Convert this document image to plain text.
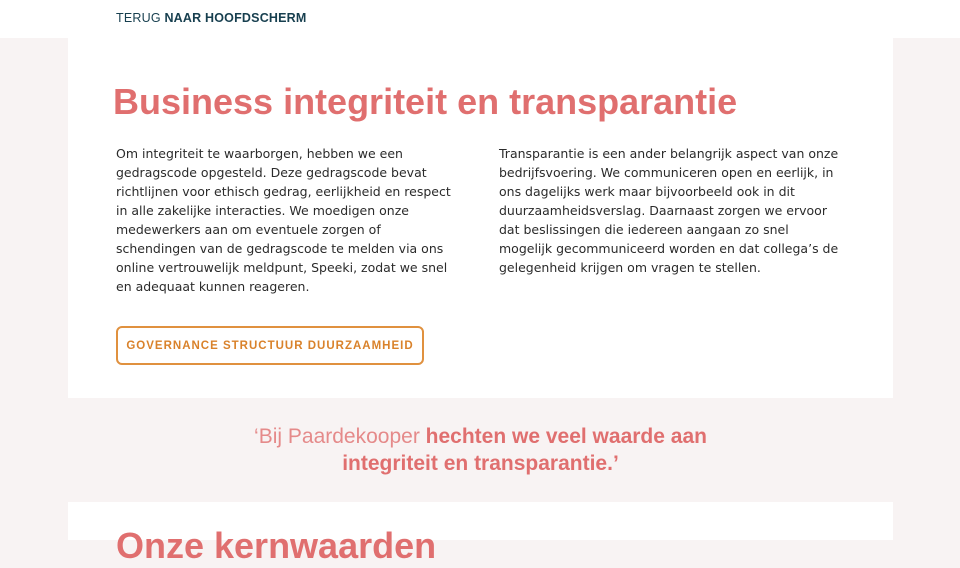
TERUG NAAR HOOFDSCHERM
Business integriteit en transparantie

Om integriteit te waarborgen, hebben we een gedragscode opgesteld. Deze gedragscode bevat richtlijnen voor ethisch gedrag, eerlijkheid en respect in alle zakelijke interacties. We moedigen onze medewerkers aan om eventuele zorgen of schendingen van de gedragscode te melden via ons online vertrouwelijk meldpunt, Speeki, zodat we snel en adequaat kunnen reageren.

Transparantie is een ander belangrijk aspect van onze bedrijfsvoering. We communiceren open en eerlijk, in ons dagelijks werk maar bijvoorbeeld ook in dit duurzaamheidsverslag. Daarnaast zorgen we ervoor dat beslissingen die iedereen aangaan zo snel mogelijk gecommuniceerd worden en dat collega’s de gelegenheid krijgen om vragen te stellen.

GOVERNANCE STRUCTUUR DUURZAAMHEID

‘Bij Paardekooper hechten we veel waarde aan
integriteit en transparantie.’

Onze kernwaarden
